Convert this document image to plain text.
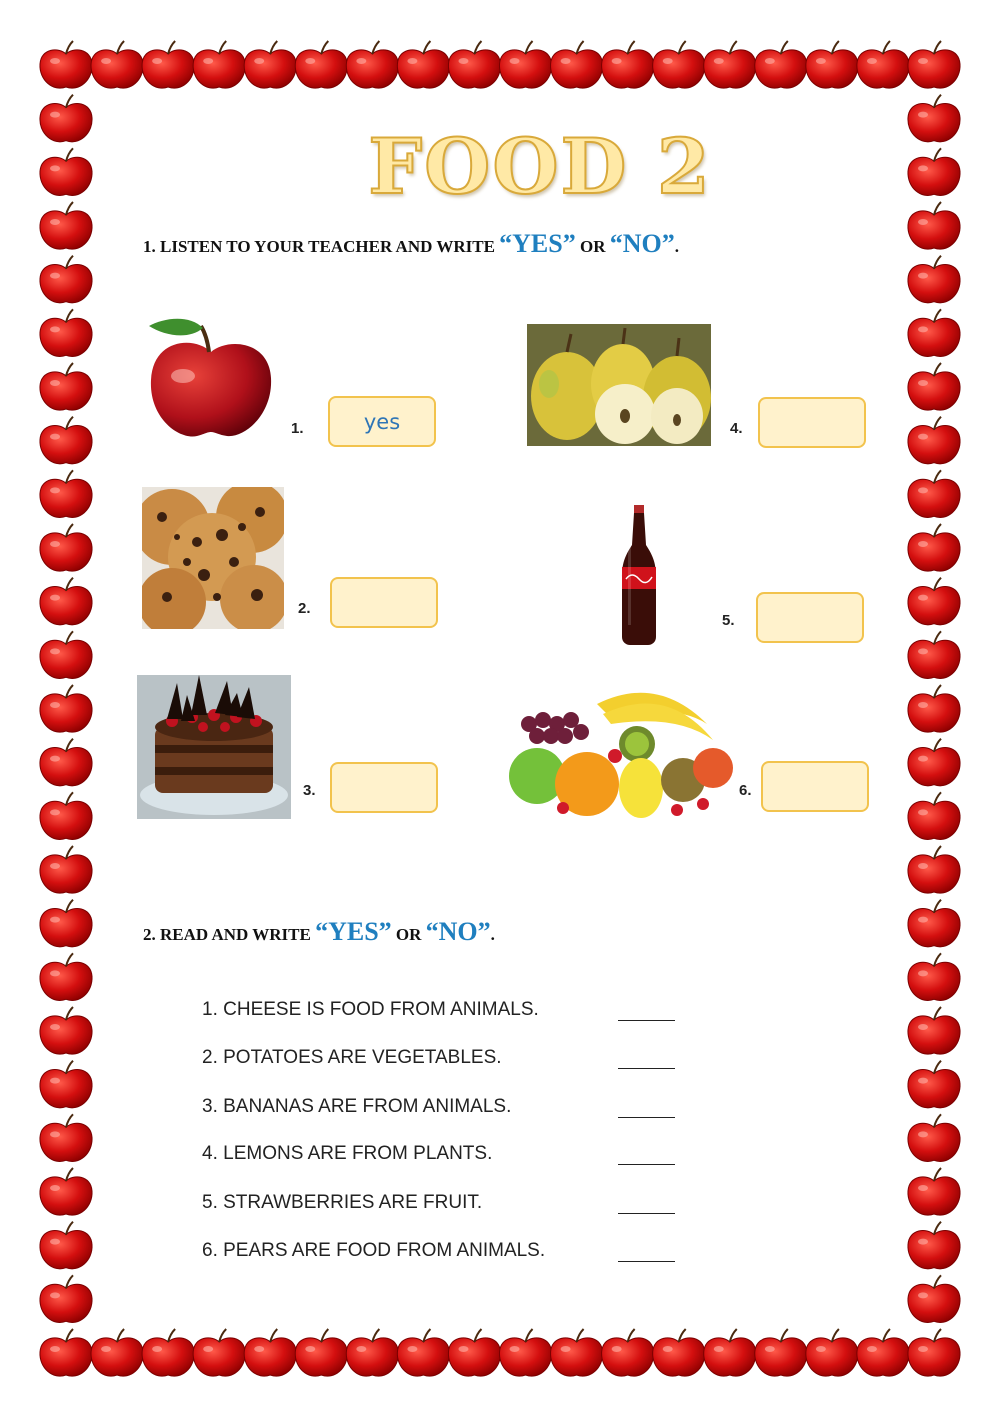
FOOD 2
1. LISTEN TO YOUR TEACHER AND WRITE “YES” OR “NO”.
1.	yes	4.
2.
5.
3.	6.
2. READ AND WRITE “YES” OR “NO”.
1. CHEESE IS FOOD FROM ANIMALS.
2. POTATOES ARE VEGETABLES.
3. BANANAS ARE FROM ANIMALS.
4. LEMONS ARE FROM PLANTS.
5. STRAWBERRIES ARE FRUIT.
6. PEARS ARE FOOD FROM ANIMALS.
